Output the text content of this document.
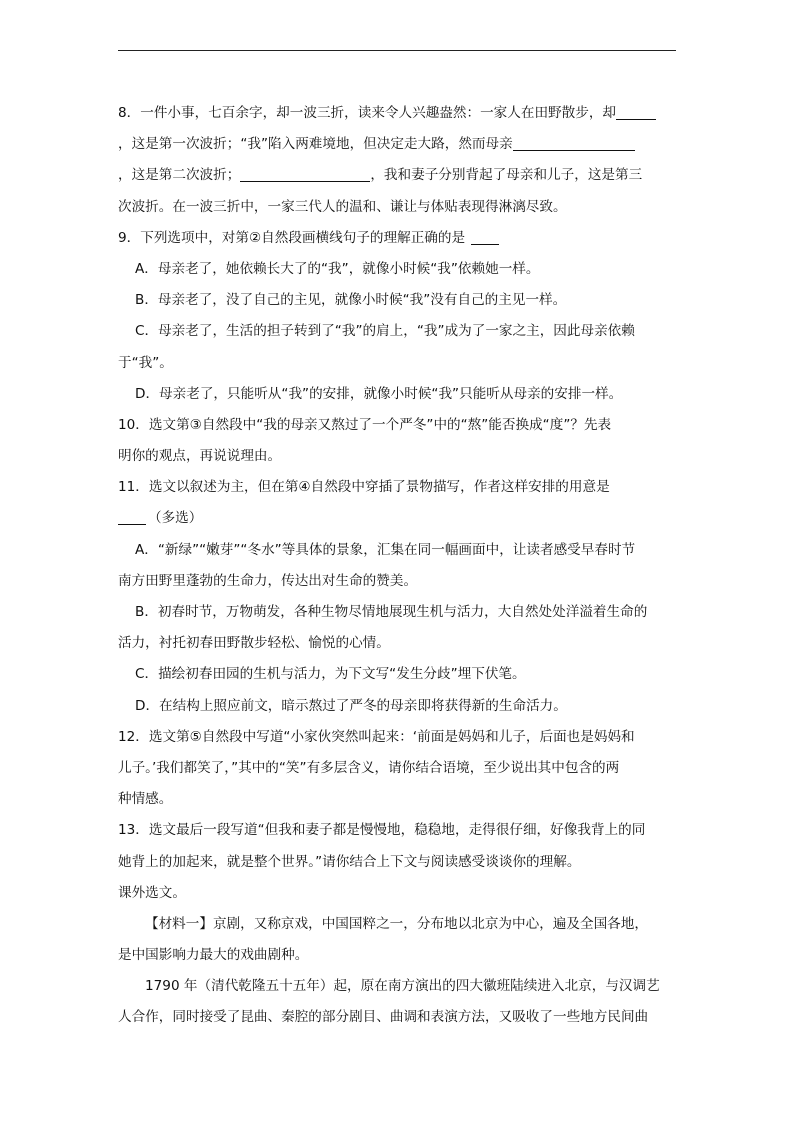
8．一件小事，七百余字，却一波三折，读来令人兴趣盎然：一家人在田野散步，却
，这是第一次波折；“我”陷入两难境地，但决定走大路，然而母亲
，这是第二次波折；	，我和妻子分别背起了母亲和儿子，这是第三
次波折。在一波三折中，一家三代人的温和、谦让与体贴表现得淋漓尽致。
9．下列选项中，对第②自然段画横线句子的理解正确的是
A．母亲老了，她依赖长大了的“我”，就像小时候“我”依赖她一样。
B．母亲老了，没了自己的主见，就像小时候“我”没有自己的主见一样。
C．母亲老了，生活的担子转到了“我”的肩上，“我”成为了一家之主，因此母亲依赖
于“我”。
D．母亲老了，只能听从“我”的安排，就像小时候“我”只能听从母亲的安排一样。
10．选文第③自然段中“我的母亲又熬过了一个严冬”中的“熬”能否换成“度”？先表
明你的观点，再说说理由。
11．选文以叙述为主，但在第④自然段中穿插了景物描写，作者这样安排的用意是
（多选）
A．“新绿”“嫩芽”“冬水”等具体的景象，汇集在同一幅画面中，让读者感受早春时节
南方田野里蓬勃的生命力，传达出对生命的赞美。
B．初春时节，万物萌发，各种生物尽情地展现生机与活力，大自然处处洋溢着生命的
活力，衬托初春田野散步轻松、愉悦的心情。
C．描绘初春田园的生机与活力，为下文写“发生分歧”埋下伏笔。
D．在结构上照应前文，暗示熬过了严冬的母亲即将获得新的生命活力。
12．选文第⑤自然段中写道“小家伙突然叫起来：‘前面是妈妈和儿子，后面也是妈妈和
儿子。’我们都笑了，”其中的“笑”有多层含义，请你结合语境，至少说出其中包含的两
种情感。
13．选文最后一段写道“但我和妻子都是慢慢地，稳稳地，走得很仔细，好像我背上的同
她背上的加起来，就是整个世界。”请你结合上下文与阅读感受谈谈你的理解。
课外选文。
【材料一】京剧，又称京戏，中国国粹之一，分布地以北京为中心，遍及全国各地，
是中国影响力最大的戏曲剧种。
1790 年（清代乾隆五十五年）起，原在南方演出的四大徽班陆续进入北京，与汉调艺
人合作，同时接受了昆曲、秦腔的部分剧目、曲调和表演方法，又吸收了一些地方民间曲
